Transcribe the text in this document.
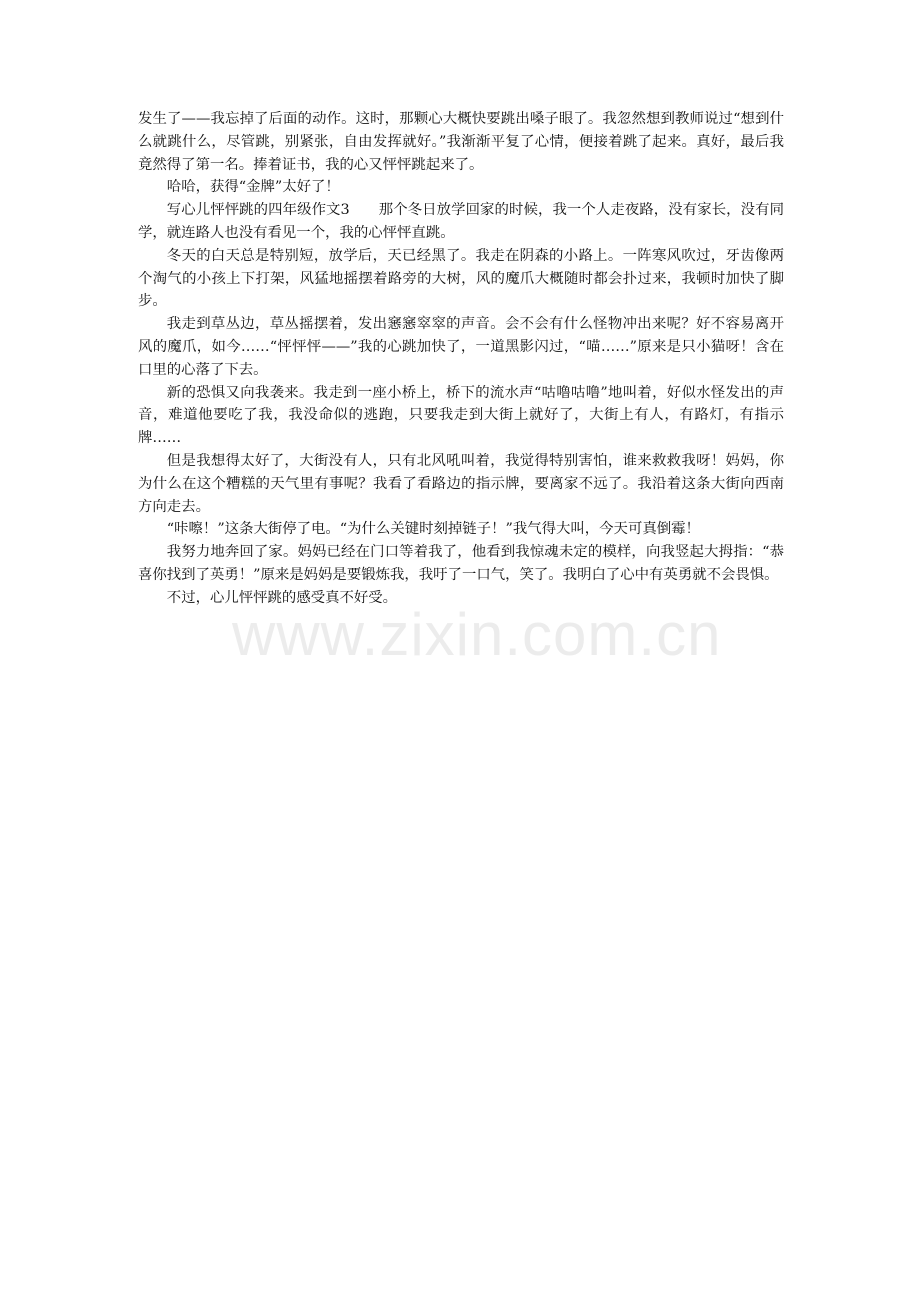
发生了——我忘掉了后面的动作。这时，那颗心大概快要跳出嗓子眼了。我忽然想到教师说过“想到什么就跳什么，尽管跳，别紧张，自由发挥就好。”我渐渐平复了心情，便接着跳了起来。真好，最后我竟然得了第一名。捧着证书，我的心又怦怦跳起来了。

哈哈，获得“金牌”太好了！

写心儿怦怦跳的四年级作文3　　那个冬日放学回家的时候，我一个人走夜路，没有家长，没有同学，就连路人也没有看见一个，我的心怦怦直跳。

冬天的白天总是特别短，放学后，天已经黑了。我走在阴森的小路上。一阵寒风吹过，牙齿像两个淘气的小孩上下打架，风猛地摇摆着路旁的大树，风的魔爪大概随时都会扑过来，我顿时加快了脚步。

我走到草丛边，草丛摇摆着，发出窸窸窣窣的声音。会不会有什么怪物冲出来呢？好不容易离开风的魔爪，如今……“怦怦怦——”我的心跳加快了，一道黑影闪过，“喵……”原来是只小猫呀！含在口里的心落了下去。

新的恐惧又向我袭来。我走到一座小桥上，桥下的流水声“咕噜咕噜”地叫着，好似水怪发出的声音，难道他要吃了我，我没命似的逃跑，只要我走到大街上就好了，大街上有人，有路灯，有指示牌……

但是我想得太好了，大街没有人，只有北风吼叫着，我觉得特别害怕，谁来救救我呀！妈妈，你为什么在这个糟糕的天气里有事呢？我看了看路边的指示牌，要离家不远了。我沿着这条大街向西南方向走去。

“咔嚓！”这条大街停了电。“为什么关键时刻掉链子！”我气得大叫，今天可真倒霉！

我努力地奔回了家。妈妈已经在门口等着我了，他看到我惊魂未定的模样，向我竖起大拇指：“恭喜你找到了英勇！”原来是妈妈是要锻炼我，我吁了一口气，笑了。我明白了心中有英勇就不会畏惧。

不过，心儿怦怦跳的感受真不好受。

www.zixin.com.cn
